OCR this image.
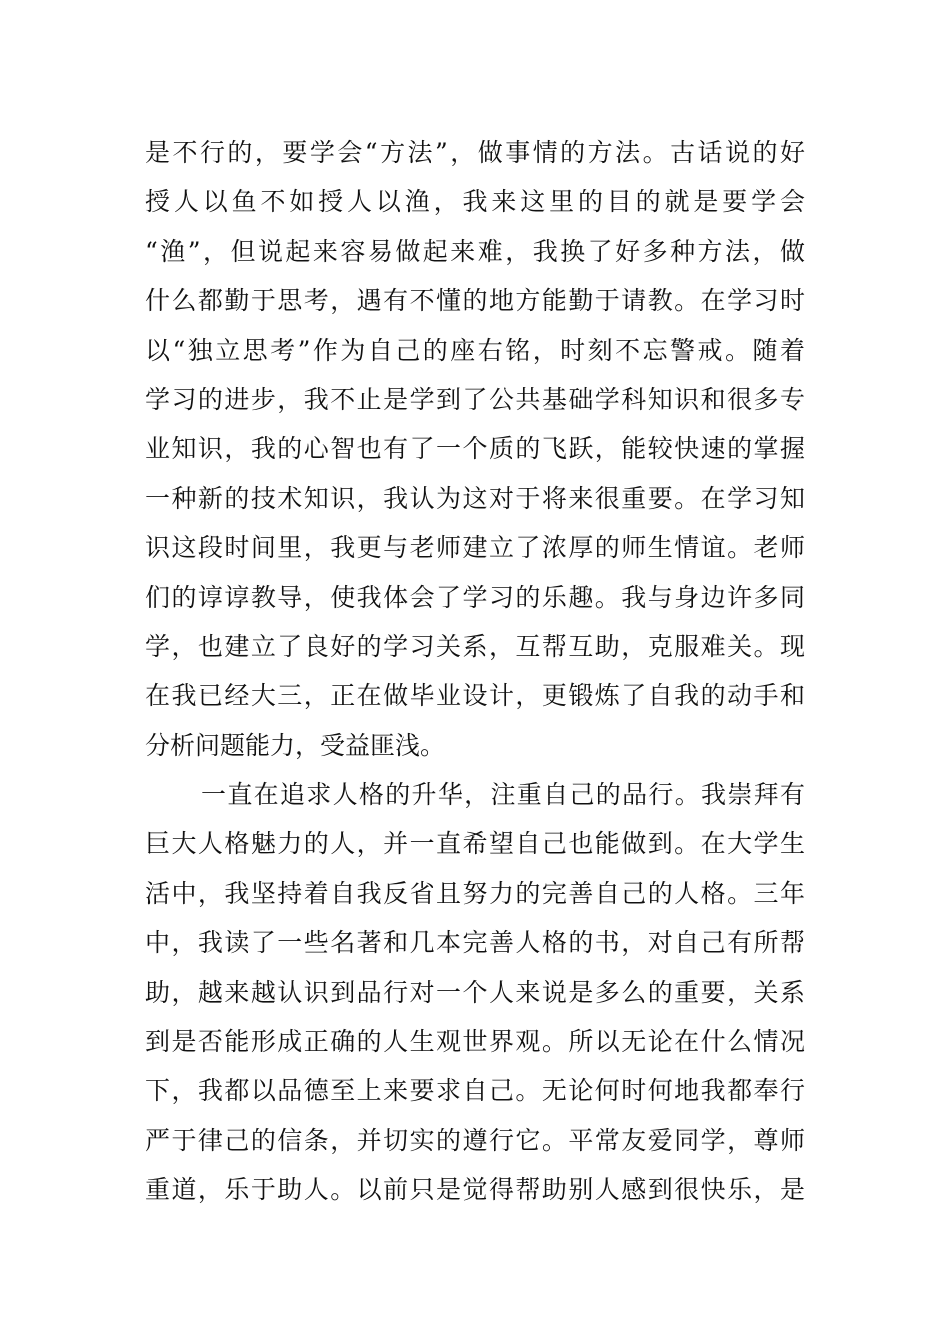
是不行的，要学会“方法”，做事情的方法。古话说的好
授人以鱼不如授人以渔，我来这里的目的就是要学会
“渔”，但说起来容易做起来难，我换了好多种方法，做
什么都勤于思考，遇有不懂的地方能勤于请教。在学习时
以“独立思考”作为自己的座右铭，时刻不忘警戒。随着
学习的进步，我不止是学到了公共基础学科知识和很多专
业知识，我的心智也有了一个质的飞跃，能较快速的掌握
一种新的技术知识，我认为这对于将来很重要。在学习知
识这段时间里，我更与老师建立了浓厚的师生情谊。老师
们的谆谆教导，使我体会了学习的乐趣。我与身边许多同
学，也建立了良好的学习关系，互帮互助，克服难关。现
在我已经大三，正在做毕业设计，更锻炼了自我的动手和
分析问题能力，受益匪浅。
一直在追求人格的升华，注重自己的品行。我崇拜有
巨大人格魅力的人，并一直希望自己也能做到。在大学生
活中，我坚持着自我反省且努力的完善自己的人格。三年
中，我读了一些名著和几本完善人格的书，对自己有所帮
助，越来越认识到品行对一个人来说是多么的重要，关系
到是否能形成正确的人生观世界观。所以无论在什么情况
下，我都以品德至上来要求自己。无论何时何地我都奉行
严于律己的信条，并切实的遵行它。平常友爱同学，尊师
重道，乐于助人。以前只是觉得帮助别人感到很快乐，是
